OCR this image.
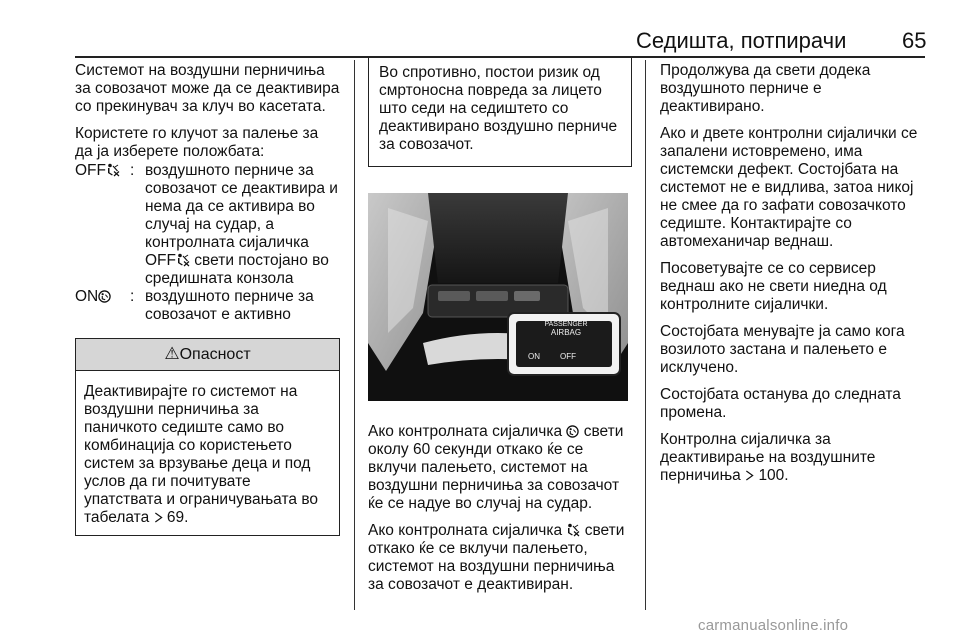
Седишта, потпирачи	65

Системот на воздушни перничиња за совозачот може да се деактивира со прекинувач за клуч во касетата.

Користете го клучот за палење за да ја изберете положбата:

OFF	: воздушното перниче за совозачот се деактивира и нема да се активира во случај на судар, а контролната сијаличка OFF свети постојано во средишната конзола
ON	: воздушното перниче за совозачот е активно
⚠Опасност
Деактивирајте го системот на воздушни перничиња за паничкото седиште само во комбинација со користењето систем за врзување деца и под услов да ги почитувате упатствата и ограничувањата во табелата 69.
Во спротивно, постои ризик од смртоносна повреда за лицето што седи на седиштето со деактивирано воздушно перниче за совозачот.
PASSENGER
AIRBAG
ON	OFF

Ако контролната сијаличка  свети околу 60 секунди откако ќе се вклучи палењето, системот на воздушни перничиња за совозачот ќе се надуе во случај на судар.

Ако контролната сијаличка  свети откако ќе се вклучи палењето, системот на воздушни перничиња за совозачот е деактивиран.

Продолжува да свети додека воздушното перниче е деактивирано.

Ако и двете контролни сијалички се запалени истовремено, има системски дефект. Состојбата на системот не е видлива, затоа никој не смее да го зафати совозачкото седиште. Контактирајте со автомеханичар веднаш.

Посоветувајте се со сервисер веднаш ако не свети ниедна од контролните сијалички.

Состојбата менувајте ја само кога возилото застана и палењето е исклучено.

Состојбата останува до следната промена.

Контролна сијаличка за деактивирање на воздушните перничиња 100.

carmanualsonline.info
